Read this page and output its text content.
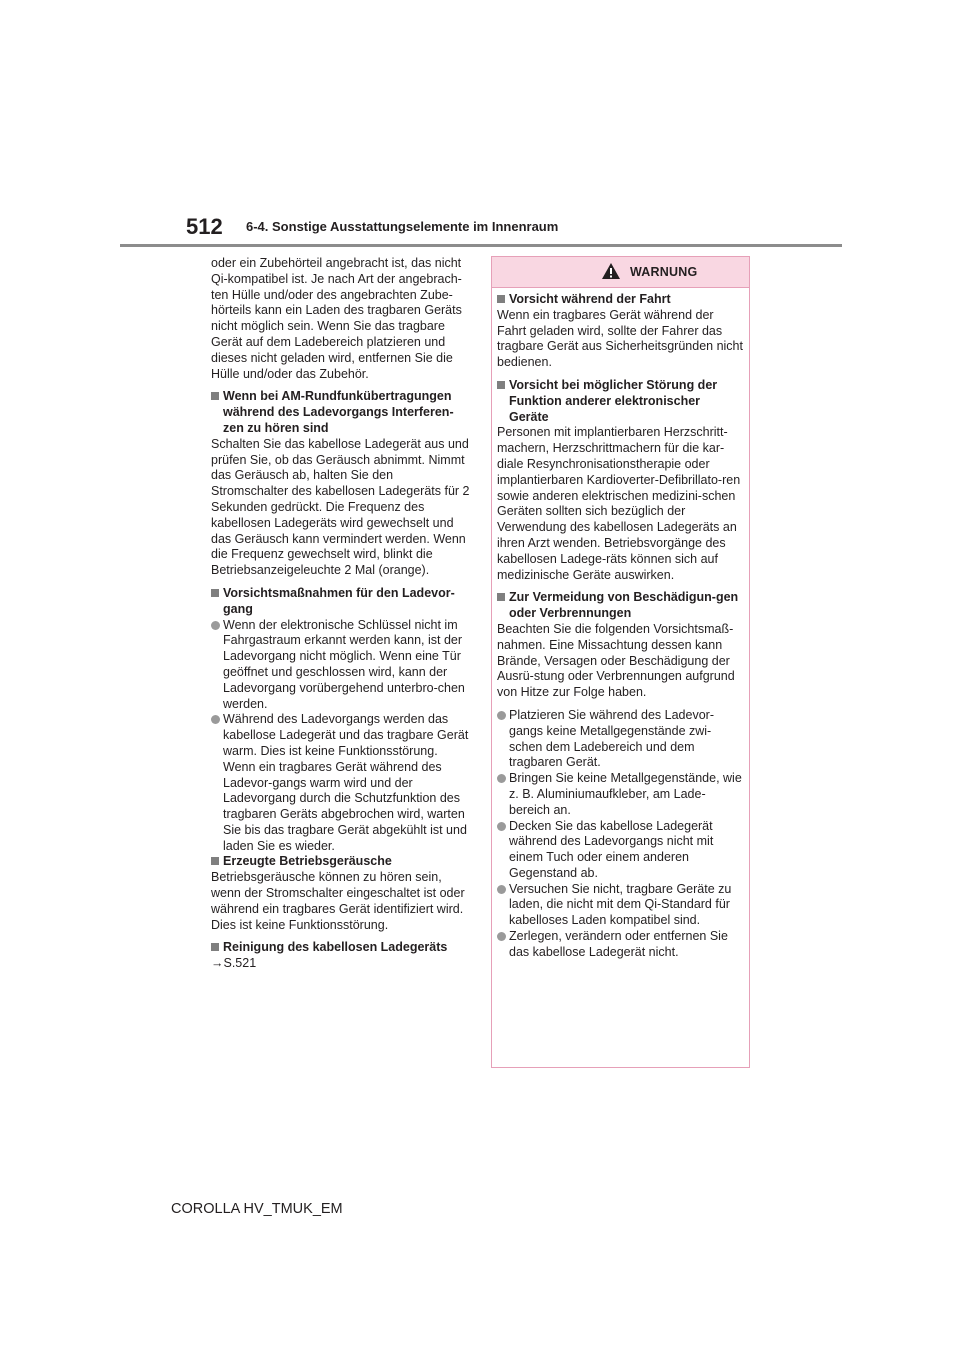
512 6-4. Sonstige Ausstattungselemente im Innenraum

oder ein Zubehörteil angebracht ist, das nicht Qi-kompatibel ist. Je nach Art der angebrach-ten Hülle und/oder des angebrachten Zube-hörteils kann ein Laden des tragbaren Geräts nicht möglich sein. Wenn Sie das tragbare Gerät auf dem Ladebereich platzieren und dieses nicht geladen wird, entfernen Sie die Hülle und/oder das Zubehör.

Wenn bei AM-Rundfunkübertragungen während des Ladevorgangs Interferen-zen zu hören sind

Schalten Sie das kabellose Ladegerät aus und prüfen Sie, ob das Geräusch abnimmt. Nimmt das Geräusch ab, halten Sie den Stromschalter des kabellosen Ladegeräts für 2 Sekunden gedrückt. Die Frequenz des kabellosen Ladegeräts wird gewechselt und das Geräusch kann vermindert werden. Wenn die Frequenz gewechselt wird, blinkt die Betriebsanzeigeleuchte 2 Mal (orange).

Vorsichtsmaßnahmen für den Ladevor-gang

Wenn der elektronische Schlüssel nicht im Fahrgastraum erkannt werden kann, ist der Ladevorgang nicht möglich. Wenn eine Tür geöffnet und geschlossen wird, kann der Ladevorgang vorübergehend unterbro-chen werden.

Während des Ladevorgangs werden das kabellose Ladegerät und das tragbare Gerät warm. Dies ist keine Funktionsstörung. Wenn ein tragbares Gerät während des Ladevor-gangs warm wird und der Ladevorgang durch die Schutzfunktion des tragbaren Geräts abgebrochen wird, warten Sie bis das tragbare Gerät abgekühlt ist und laden Sie es wieder.

Erzeugte Betriebsgeräusche

Betriebsgeräusche können zu hören sein, wenn der Stromschalter eingeschaltet ist oder während ein tragbares Gerät identifiziert wird. Dies ist keine Funktionsstörung.

Reinigung des kabellosen Ladegeräts

→S.521

WARNUNG

Vorsicht während der Fahrt

Wenn ein tragbares Gerät während der Fahrt geladen wird, sollte der Fahrer das tragbare Gerät aus Sicherheitsgründen nicht bedienen.

Vorsicht bei möglicher Störung der Funktion anderer elektronischer Geräte

Personen mit implantierbaren Herzschritt-machern, Herzschrittmachern für die kar-diale Resynchronisationstherapie oder implantierbaren Kardioverter-Defibrillato-ren sowie anderen elektrischen medizini-schen Geräten sollten sich bezüglich der Verwendung des kabellosen Ladegeräts an ihren Arzt wenden. Betriebsvorgänge des kabellosen Ladege-räts können sich auf medizinische Geräte auswirken.

Zur Vermeidung von Beschädigun-gen oder Verbrennungen

Beachten Sie die folgenden Vorsichtsmaß-nahmen. Eine Missachtung dessen kann Brände, Versagen oder Beschädigung der Ausrü-stung oder Verbrennungen aufgrund von Hitze zur Folge haben.

Platzieren Sie während des Ladevor-gangs keine Metallgegenstände zwi-schen dem Ladebereich und dem tragbaren Gerät.

Bringen Sie keine Metallgegenstände, wie z. B. Aluminiumaufkleber, am Lade-bereich an.

Decken Sie das kabellose Ladegerät während des Ladevorgangs nicht mit einem Tuch oder einem anderen Gegenstand ab.

Versuchen Sie nicht, tragbare Geräte zu laden, die nicht mit dem Qi-Standard für kabelloses Laden kompatibel sind.

Zerlegen, verändern oder entfernen Sie das kabellose Ladegerät nicht.

COROLLA HV_TMUK_EM
